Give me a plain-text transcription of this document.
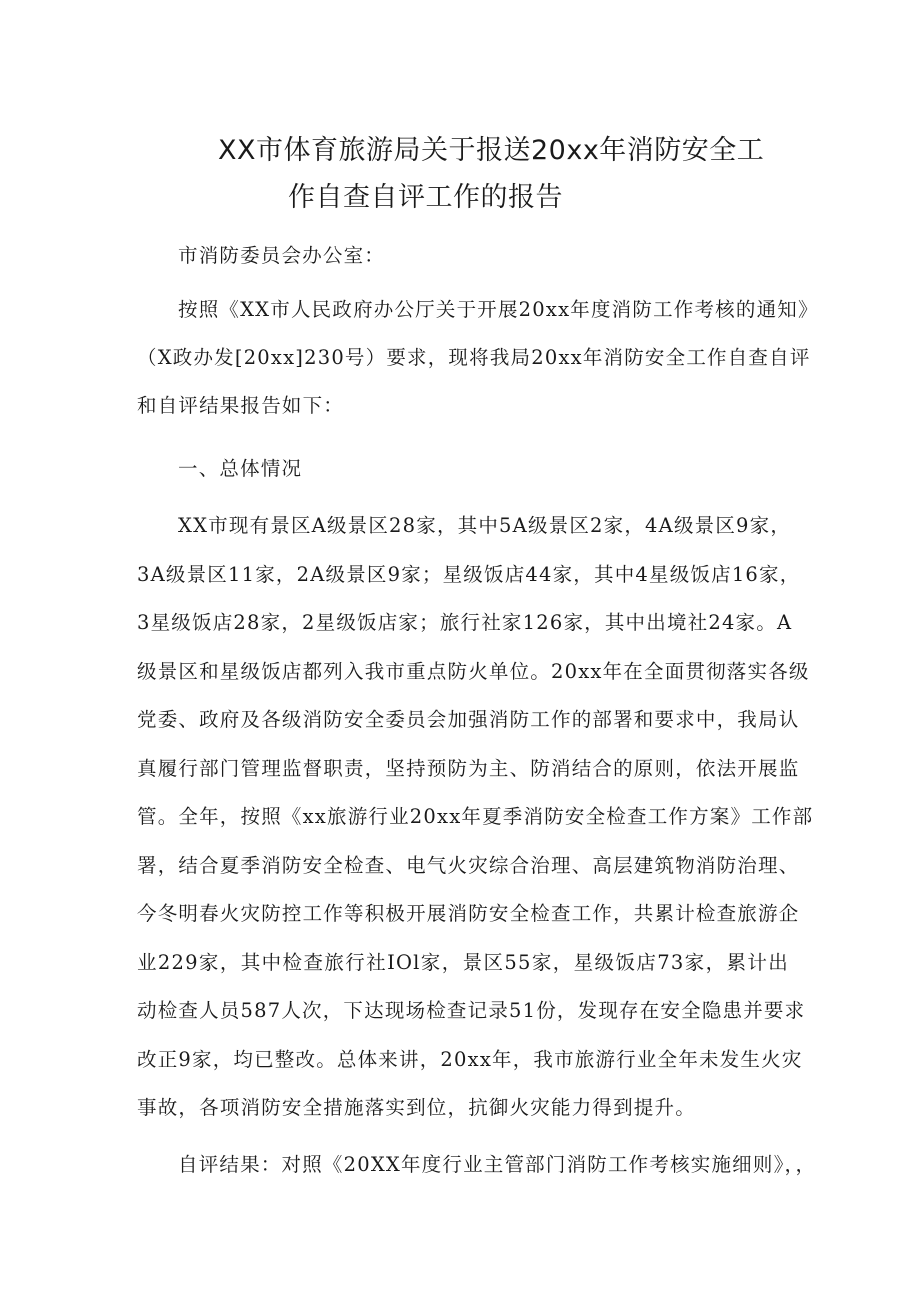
XX市体育旅游局关于报送20xx年消防安全工
作自查自评工作的报告
市消防委员会办公室：
按照《XX市人民政府办公厅关于开展20xx年度消防工作考核的通知》
（X政办发[20xx]230号）要求，现将我局20xx年消防安全工作自查自评
和自评结果报告如下：
一、总体情况
XX市现有景区A级景区28家，其中5A级景区2家，4A级景区9家，
3A级景区11家，2A级景区9家；星级饭店44家，其中4星级饭店16家，
3星级饭店28家，2星级饭店家；旅行社家126家，其中出境社24家。A
级景区和星级饭店都列入我市重点防火单位。20xx年在全面贯彻落实各级
党委、政府及各级消防安全委员会加强消防工作的部署和要求中，我局认
真履行部门管理监督职责，坚持预防为主、防消结合的原则，依法开展监
管。全年，按照《xx旅游行业20xx年夏季消防安全检查工作方案》工作部
署，结合夏季消防安全检查、电气火灾综合治理、高层建筑物消防治理、
今冬明春火灾防控工作等积极开展消防安全检查工作，共累计检查旅游企
业229家，其中检查旅行社IOl家，景区55家，星级饭店73家，累计出
动检查人员587人次，下达现场检查记录51份，发现存在安全隐患并要求
改正9家，均已整改。总体来讲，20xx年，我市旅游行业全年未发生火灾
事故，各项消防安全措施落实到位，抗御火灾能力得到提升。
自评结果：对照《20XX年度行业主管部门消防工作考核实施细则》，，
